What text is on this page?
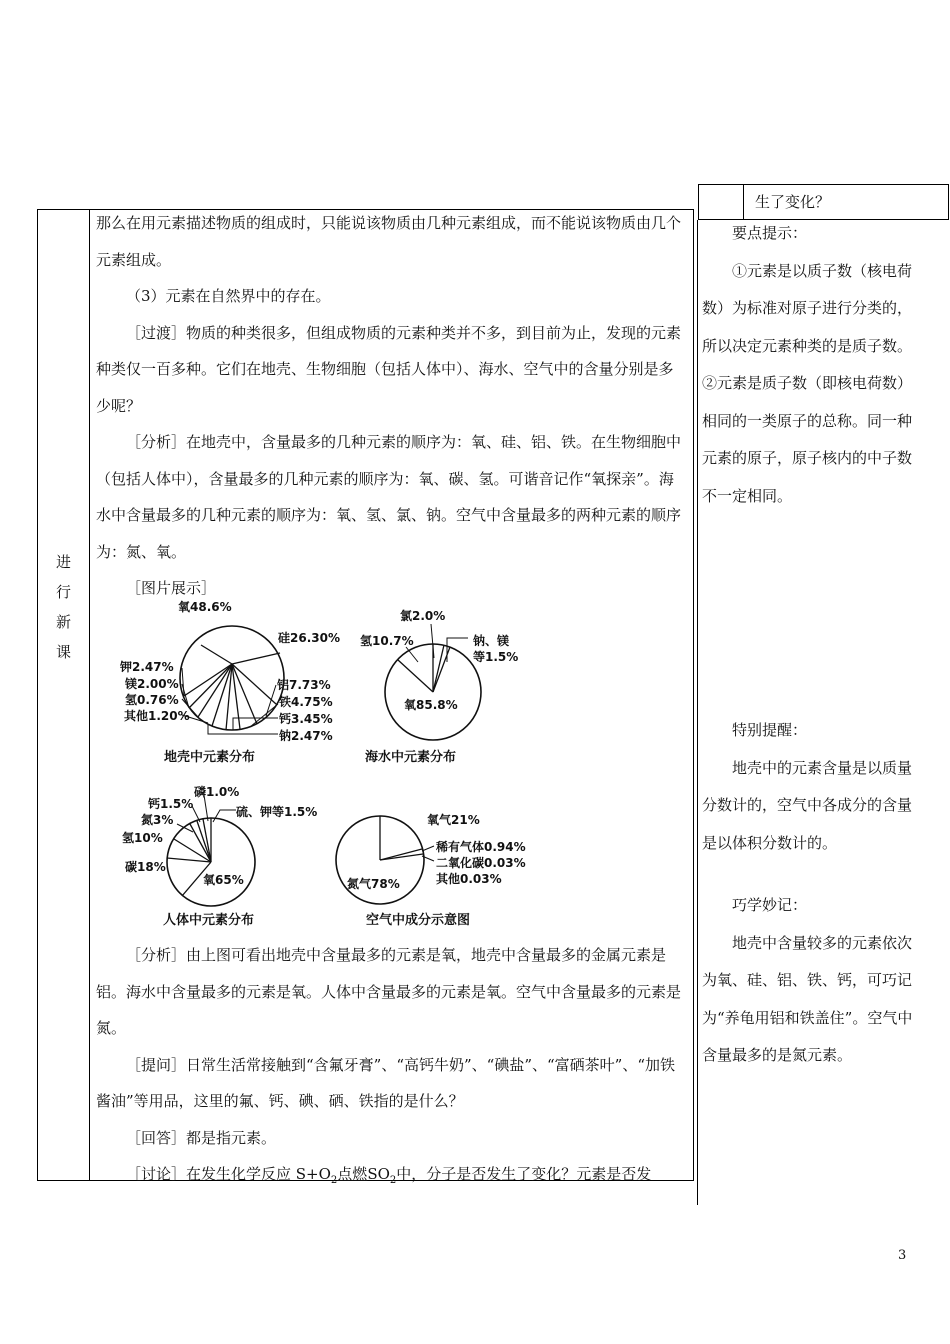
生了变化？
进
行
新
课

那么在用元素描述物质的组成时，只能说该物质由几种元素组成，而不能说该物质由几个元素组成。

（3）元素在自然界中的存在。

［过渡］物质的种类很多，但组成物质的元素种类并不多，到目前为止，发现的元素种类仅一百多种。它们在地壳、生物细胞（包括人体中）、海水、空气中的含量分别是多少呢？

［分析］在地壳中，含量最多的几种元素的顺序为：氧、硅、铝、铁。在生物细胞中（包括人体中），含量最多的几种元素的顺序为：氧、碳、氢。可谐音记作“氧探亲”。海水中含量最多的几种元素的顺序为：氧、氢、氯、钠。空气中含量最多的两种元素的顺序为：氮、氧。

［图片展示］

氧48.6%
硅26.30%
铝7.73%
铁4.75%
钙3.45%
钠2.47%
钾2.47%
镁2.00%
氢0.76%
其他1.20%
地壳中元素分布
氯2.0%
氢10.7%	钠、镁
等1.5%
氧85.8%
海水中元素分布
磷1.0%
钙1.5%
硫、钾等1.5%
氮3%
氢10%
碳18%
氧65%
人体中元素分布
氧气21%
稀有气体0.94%
二氧化碳0.03%
其他0.03%
氮气78%
空气中成分示意图

［分析］由上图可看出地壳中含量最多的元素是氧，地壳中含量最多的金属元素是铝。海水中含量最多的元素是氧。人体中含量最多的元素是氧。空气中含量最多的元素是氮。

［提问］日常生活常接触到“含氟牙膏”、“高钙牛奶”、“碘盐”、“富硒茶叶”、“加铁酱油”等用品，这里的氟、钙、碘、硒、铁指的是什么？

［回答］都是指元素。

［讨论］在发生化学反应 $S+O_2$点燃$SO_2$中，分子是否发生了变化？元素是否发

要点提示：

①元素是以质子数（核电荷数）为标准对原子进行分类的，所以决定元素种类的是质子数。②元素是质子数（即核电荷数）相同的一类原子的总称。同一种元素的原子，原子核内的中子数不一定相同。

特别提醒：

地壳中的元素含量是以质量分数计的，空气中各成分的含量是以体积分数计的。

巧学妙记：

地壳中含量较多的元素依次为氧、硅、铝、铁、钙，可巧记为“养龟用铝和铁盖住”。空气中含量最多的是氮元素。

3
